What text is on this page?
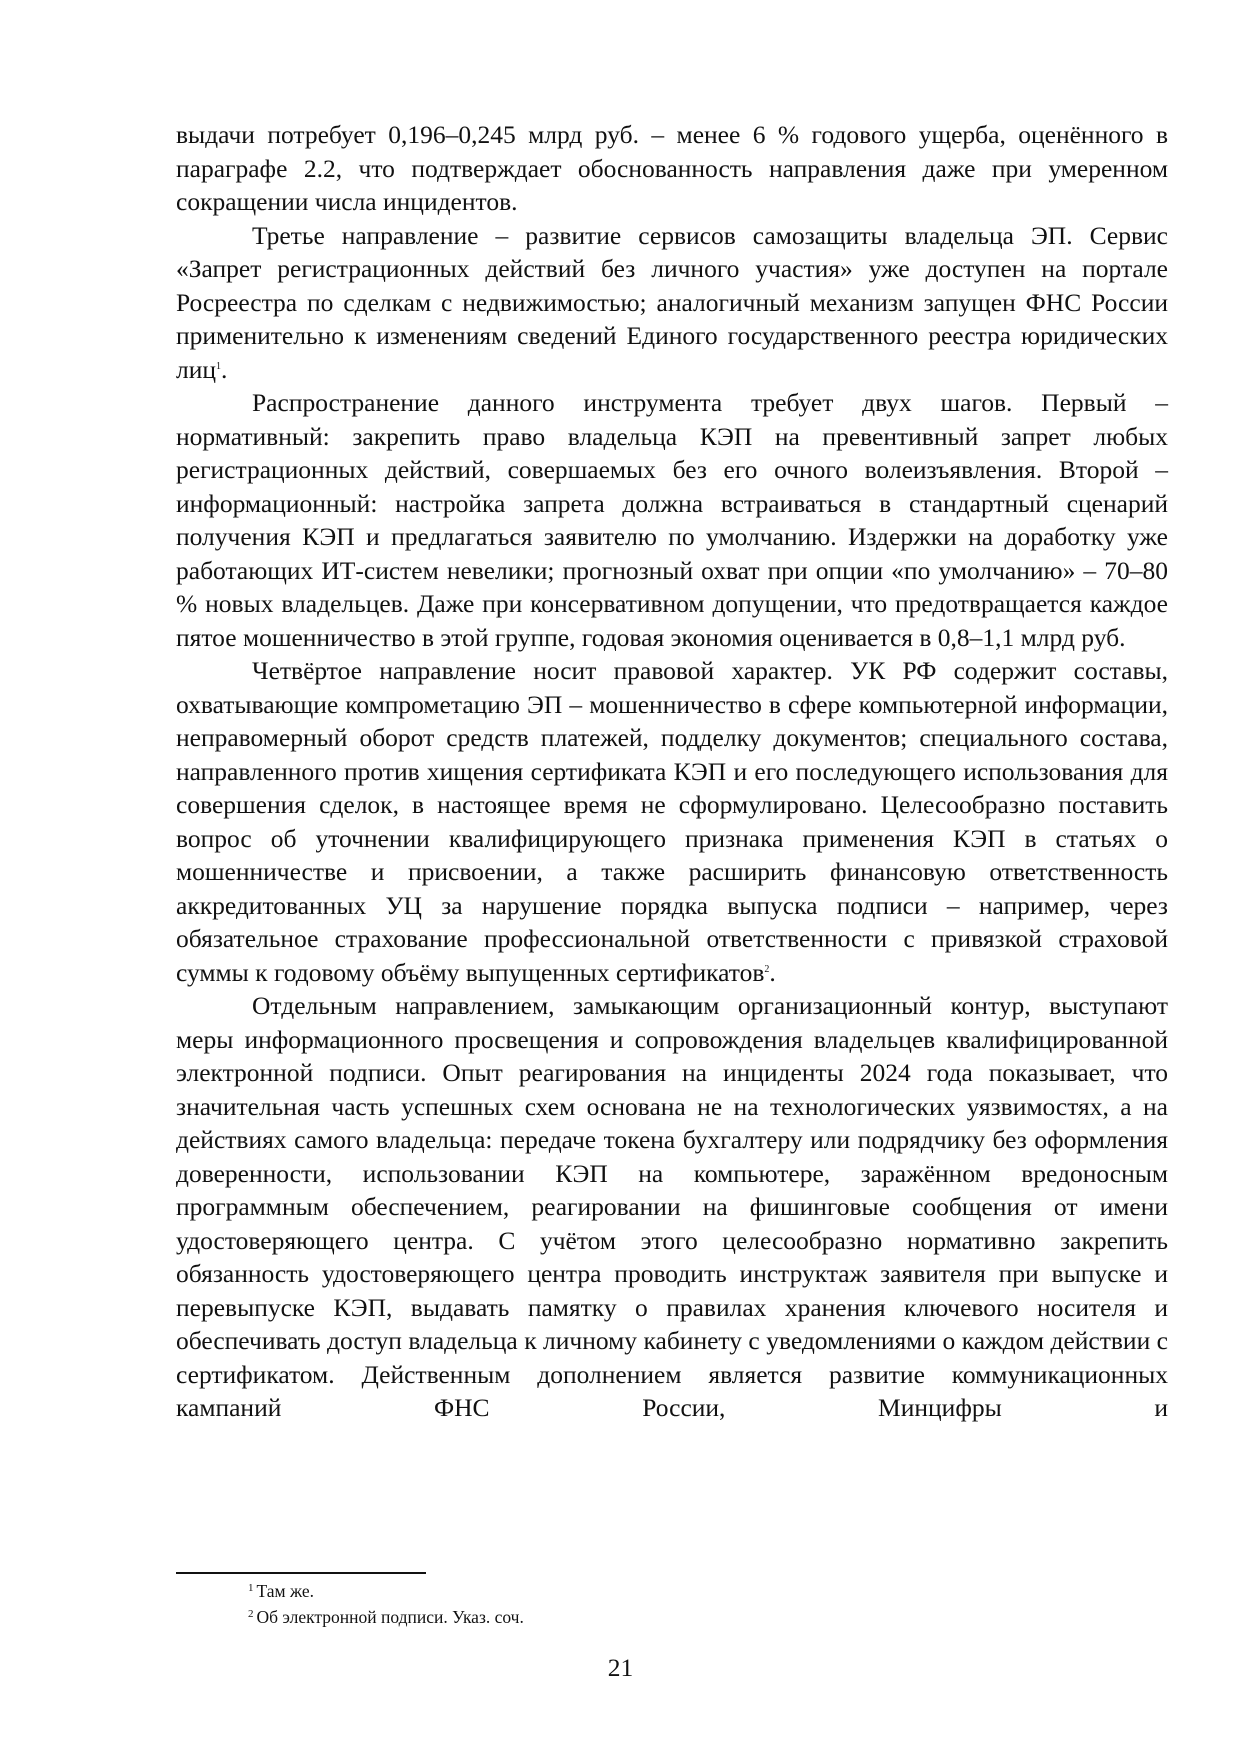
выдачи потребует 0,196–0,245 млрд руб. – менее 6 % годового ущерба, оценённого в параграфе 2.2, что подтверждает обоснованность направления даже при умеренном сокращении числа инцидентов.

Третье направление – развитие сервисов самозащиты владельца ЭП. Сервис «Запрет регистрационных действий без личного участия» уже доступен на портале Росреестра по сделкам с недвижимостью; аналогичный механизм запущен ФНС России применительно к изменениям сведений Единого государственного реестра юридических лиц$^1$.

Распространение данного инструмента требует двух шагов. Первый – нормативный: закрепить право владельца КЭП на превентивный запрет любых регистрационных действий, совершаемых без его очного волеизъявления. Второй – информационный: настройка запрета должна встраиваться в стандартный сценарий получения КЭП и предлагаться заявителю по умолчанию. Издержки на доработку уже работающих ИТ-систем невелики; прогнозный охват при опции «по умолчанию» – 70–80 % новых владельцев. Даже при консервативном допущении, что предотвращается каждое пятое мошенничество в этой группе, годовая экономия оценивается в 0,8–1,1 млрд руб.

Четвёртое направление носит правовой характер. УК РФ содержит составы, охватывающие компрометацию ЭП – мошенничество в сфере компьютерной информации, неправомерный оборот средств платежей, подделку документов; специального состава, направленного против хищения сертификата КЭП и его последующего использования для совершения сделок, в настоящее время не сформулировано. Целесообразно поставить вопрос об уточнении квалифицирующего признака применения КЭП в статьях о мошенничестве и присвоении, а также расширить финансовую ответственность аккредитованных УЦ за нарушение порядка выпуска подписи – например, через обязательное страхование профессиональной ответственности с привязкой страховой суммы к годовому объёму выпущенных сертификатов$^2$.

Отдельным направлением, замыкающим организационный контур, выступают меры информационного просвещения и сопровождения владельцев квалифицированной электронной подписи. Опыт реагирования на инциденты 2024 года показывает, что значительная часть успешных схем основана не на технологических уязвимостях, а на действиях самого владельца: передаче токена бухгалтеру или подрядчику без оформления доверенности, использовании КЭП на компьютере, заражённом вредоносным программным обеспечением, реагировании на фишинговые сообщения от имени удостоверяющего центра. С учётом этого целесообразно нормативно закрепить обязанность удостоверяющего центра проводить инструктаж заявителя при выпуске и перевыпуске КЭП, выдавать памятку о правилах хранения ключевого носителя и обеспечивать доступ владельца к личному кабинету с уведомлениями о каждом действии с сертификатом. Действенным дополнением является развитие коммуникационных кампаний ФНС России, Минцифры и

$^1$ Там же.

$^2$ Об электронной подписи. Указ. соч.

21
